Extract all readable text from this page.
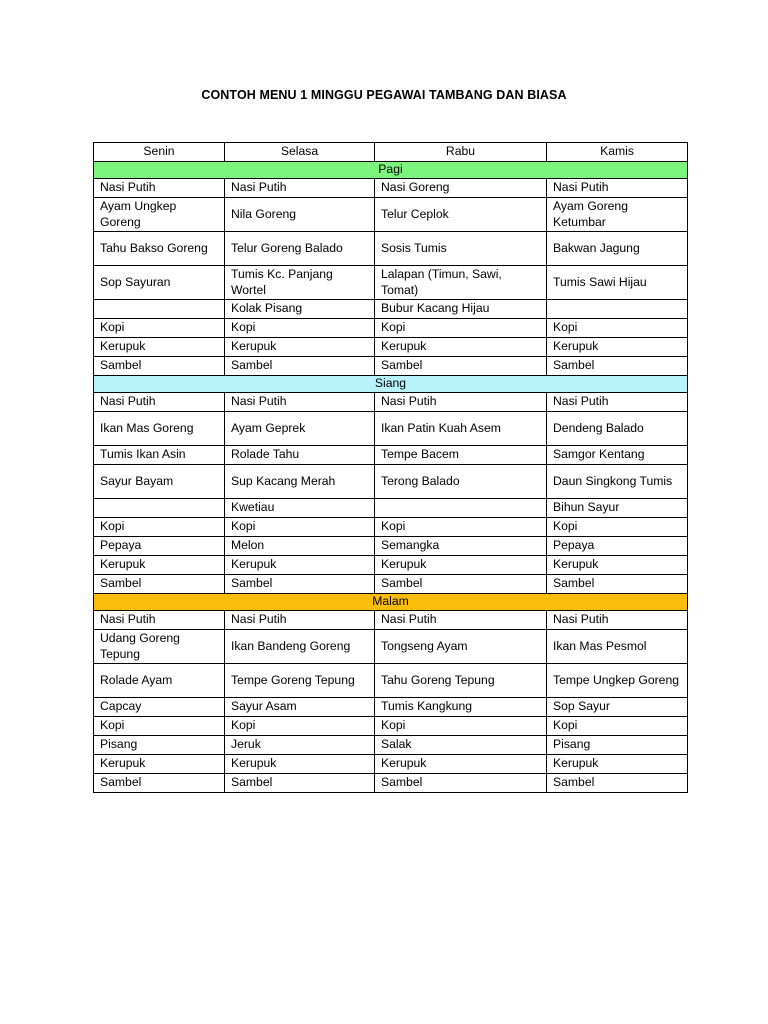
CONTOH MENU 1 MINGGU PEGAWAI TAMBANG DAN BIASA
Senin	Selasa	Rabu	Kamis
Pagi			
Nasi Putih	Nasi Putih	Nasi Goreng	Nasi Putih
Ayam Ungkep Goreng	Nila Goreng	Telur Ceplok	Ayam Goreng Ketumbar
Tahu Bakso Goreng	Telur Goreng Balado	Sosis Tumis	Bakwan Jagung
Sop Sayuran	Tumis Kc. Panjang Wortel	Lalapan (Timun, Sawi, Tomat)	Tumis Sawi Hijau
	Kolak Pisang	Bubur Kacang Hijau	
Kopi	Kopi	Kopi	Kopi
Kerupuk	Kerupuk	Kerupuk	Kerupuk
Sambel	Sambel	Sambel	Sambel
Siang			
Nasi Putih	Nasi Putih	Nasi Putih	Nasi Putih
Ikan Mas Goreng	Ayam Geprek	Ikan Patin Kuah Asem	Dendeng Balado
Tumis Ikan Asin	Rolade Tahu	Tempe Bacem	Samgor Kentang
Sayur Bayam	Sup Kacang Merah	Terong Balado	Daun Singkong Tumis
	Kwetiau		Bihun Sayur
Kopi	Kopi	Kopi	Kopi
Pepaya	Melon	Semangka	Pepaya
Kerupuk	Kerupuk	Kerupuk	Kerupuk
Sambel	Sambel	Sambel	Sambel
Malam			
Nasi Putih	Nasi Putih	Nasi Putih	Nasi Putih
Udang Goreng Tepung	Ikan Bandeng Goreng	Tongseng Ayam	Ikan Mas Pesmol
Rolade Ayam	Tempe Goreng Tepung	Tahu Goreng Tepung	Tempe Ungkep Goreng
Capcay	Sayur Asam	Tumis Kangkung	Sop Sayur
Kopi	Kopi	Kopi	Kopi
Pisang	Jeruk	Salak	Pisang
Kerupuk	Kerupuk	Kerupuk	Kerupuk
Sambel	Sambel	Sambel	Sambel
